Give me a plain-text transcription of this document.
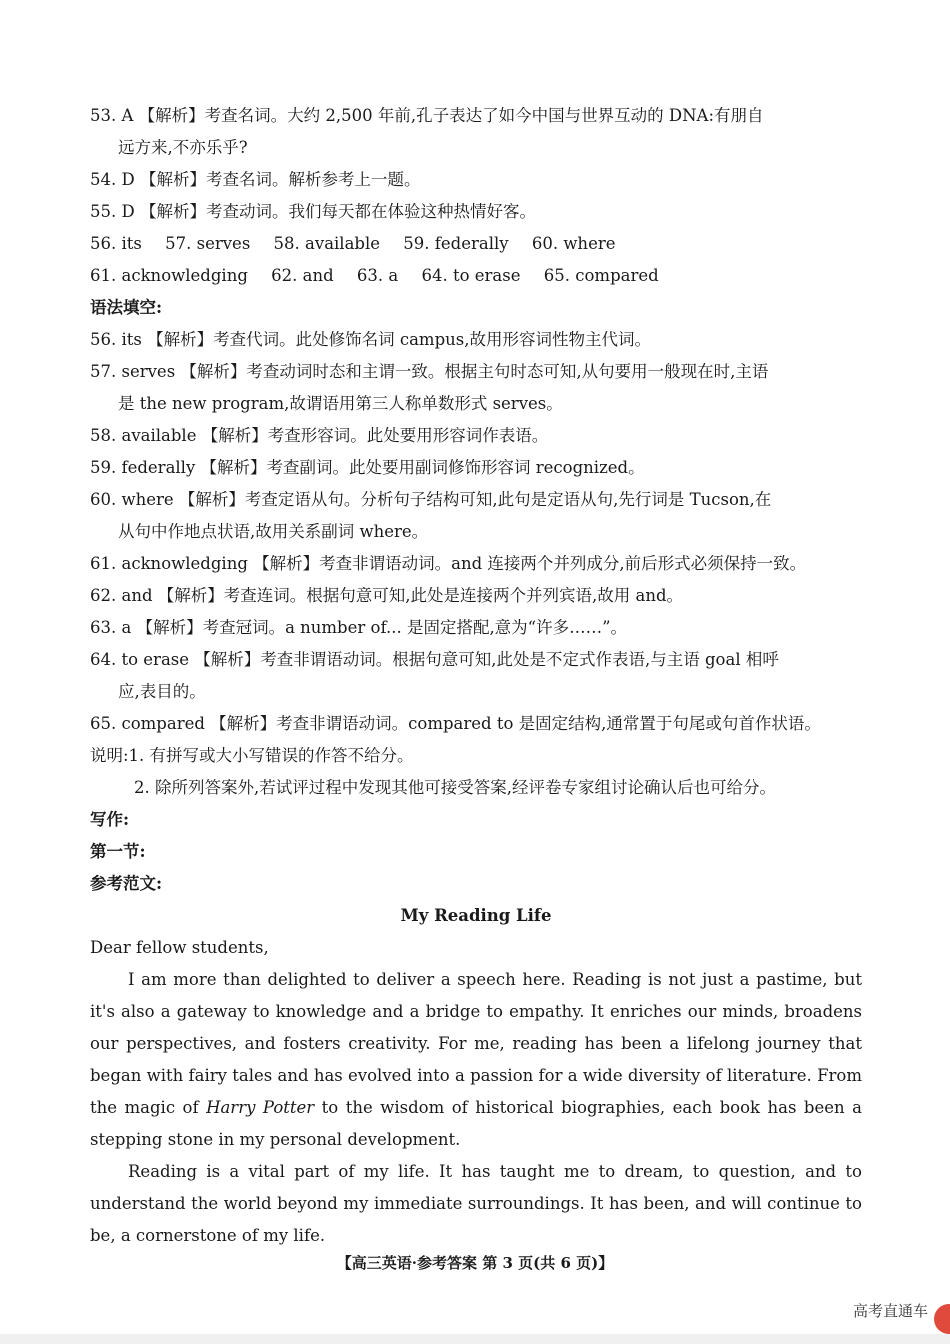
53. A 【解析】考查名词。大约 2,500 年前,孔子表达了如今中国与世界互动的 DNA:有朋自
远方来,不亦乐乎?
54. D 【解析】考查名词。解析参考上一题。
55. D 【解析】考查动词。我们每天都在体验这种热情好客。
56. its 57. serves 58. available 59. federally 60. where
61. acknowledging 62. and 63. a 64. to erase 65. compared
语法填空:
56. its 【解析】考查代词。此处修饰名词 campus,故用形容词性物主代词。
57. serves 【解析】考查动词时态和主谓一致。根据主句时态可知,从句要用一般现在时,主语
是 the new program,故谓语用第三人称单数形式 serves。
58. available 【解析】考查形容词。此处要用形容词作表语。
59. federally 【解析】考查副词。此处要用副词修饰形容词 recognized。
60. where 【解析】考查定语从句。分析句子结构可知,此句是定语从句,先行词是 Tucson,在
从句中作地点状语,故用关系副词 where。
61. acknowledging 【解析】考查非谓语动词。and 连接两个并列成分,前后形式必须保持一致。
62. and 【解析】考查连词。根据句意可知,此处是连接两个并列宾语,故用 and。
63. a 【解析】考查冠词。a number of... 是固定搭配,意为“许多……”。
64. to erase 【解析】考查非谓语动词。根据句意可知,此处是不定式作表语,与主语 goal 相呼
应,表目的。
65. compared 【解析】考查非谓语动词。compared to 是固定结构,通常置于句尾或句首作状语。
说明:1. 有拼写或大小写错误的作答不给分。
2. 除所列答案外,若试评过程中发现其他可接受答案,经评卷专家组讨论确认后也可给分。
写作:
第一节:
参考范文:
My Reading Life
Dear fellow students,
I am more than delighted to deliver a speech here. Reading is not just a pastime, but it's also a gateway to knowledge and a bridge to empathy. It enriches our minds, broadens our perspectives, and fosters creativity. For me, reading has been a lifelong journey that began with fairy tales and has evolved into a passion for a wide diversity of literature. From the magic of Harry Potter to the wisdom of historical biographies, each book has been a stepping stone in my personal development.
Reading is a vital part of my life. It has taught me to dream, to question, and to understand the world beyond my immediate surroundings. It has been, and will continue to be, a cornerstone of my life.
【高三英语·参考答案 第 3 页(共 6 页)】
高考直通车
